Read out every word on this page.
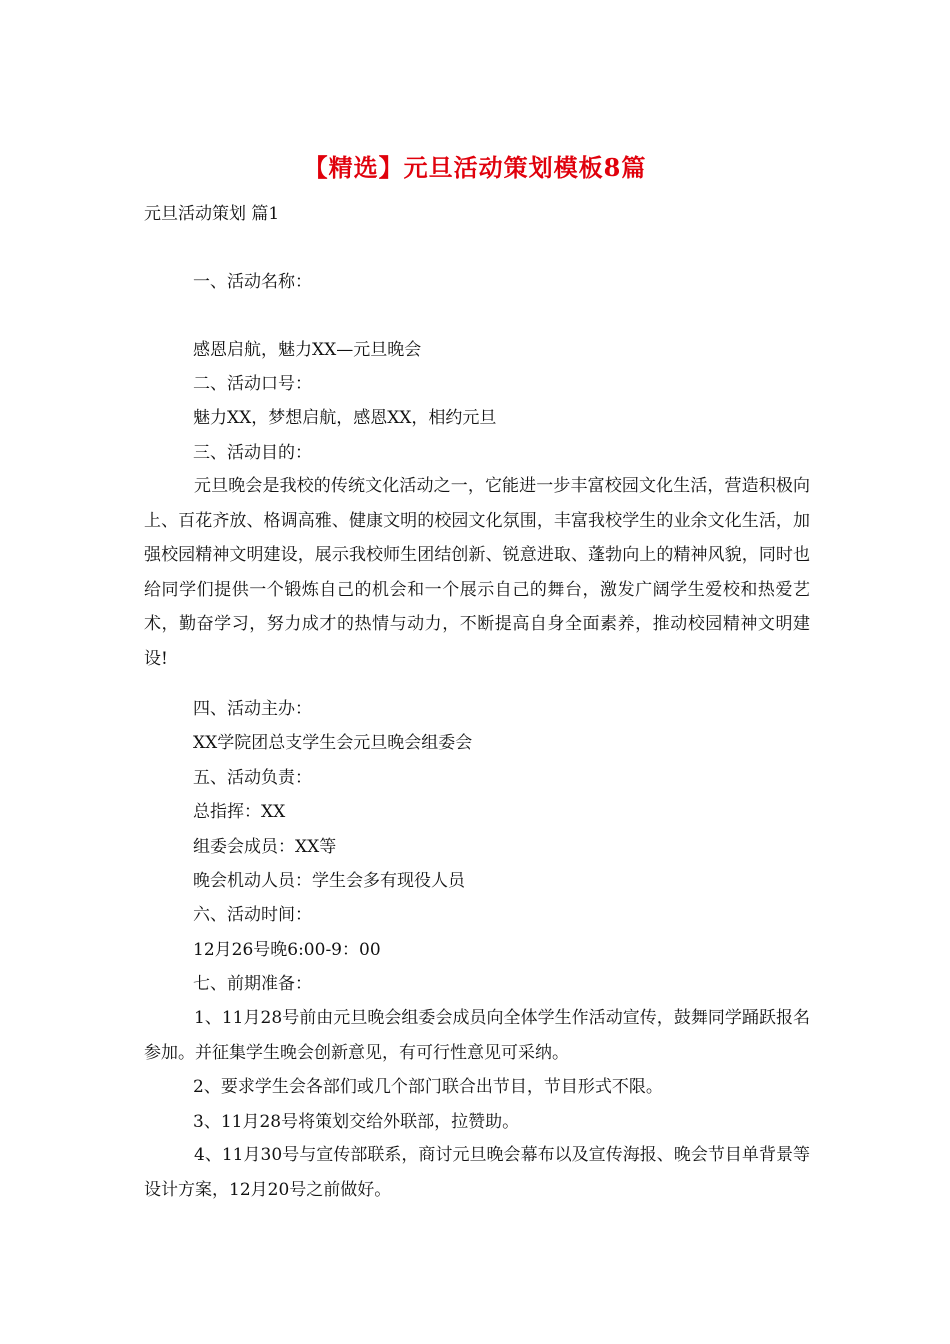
【精选】元旦活动策划模板8篇
元旦活动策划 篇1
一、活动名称：
感恩启航，魅力XX—元旦晚会
二、活动口号：
魅力XX，梦想启航，感恩XX，相约元旦
三、活动目的：
元旦晚会是我校的传统文化活动之一，它能进一步丰富校园文化生活，营造积极向上、百花齐放、格调高雅、健康文明的校园文化氛围，丰富我校学生的业余文化生活，加强校园精神文明建设，展示我校师生团结创新、锐意进取、蓬勃向上的精神风貌，同时也给同学们提供一个锻炼自己的机会和一个展示自己的舞台，激发广阔学生爱校和热爱艺术，勤奋学习，努力成才的热情与动力，不断提高自身全面素养，推动校园精神文明建设!
四、活动主办：
XX学院团总支学生会元旦晚会组委会
五、活动负责：
总指挥：XX
组委会成员：XX等
晚会机动人员：学生会多有现役人员
六、活动时间：
12月26号晚6:00-9：00
七、前期准备：
1、11月28号前由元旦晚会组委会成员向全体学生作活动宣传，鼓舞同学踊跃报名参加。并征集学生晚会创新意见，有可行性意见可采纳。
2、要求学生会各部们或几个部门联合出节目，节目形式不限。
3、11月28号将策划交给外联部，拉赞助。
4、11月30号与宣传部联系，商讨元旦晚会幕布以及宣传海报、晚会节目单背景等设计方案，12月20号之前做好。
